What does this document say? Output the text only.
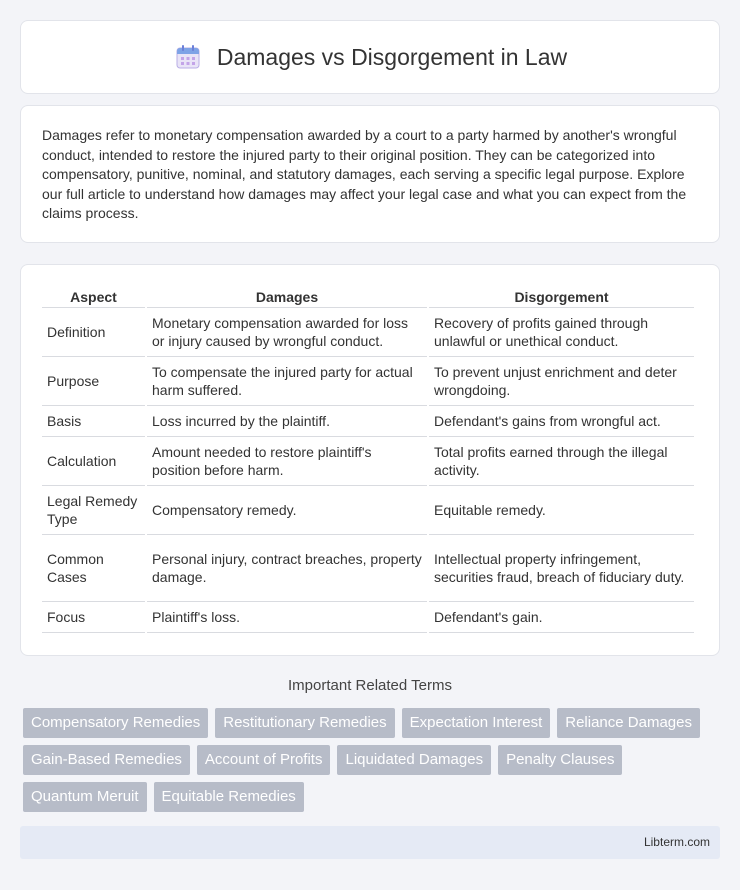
Damages vs Disgorgement in Law

Damages refer to monetary compensation awarded by a court to a party harmed by another's wrongful conduct, intended to restore the injured party to their original position. They can be categorized into compensatory, punitive, nominal, and statutory damages, each serving a specific legal purpose. Explore our full article to understand how damages may affect your legal case and what you can expect from the claims process.

Aspect	Damages	Disgorgement
Definition	Monetary compensation awarded for loss or injury caused by wrongful conduct.	Recovery of profits gained through unlawful or unethical conduct.
Purpose	To compensate the injured party for actual harm suffered.	To prevent unjust enrichment and deter wrongdoing.
Basis	Loss incurred by the plaintiff.	Defendant's gains from wrongful act.
Calculation	Amount needed to restore plaintiff's position before harm.	Total profits earned through the illegal activity.
Legal Remedy Type	Compensatory remedy.	Equitable remedy.
Common Cases	Personal injury, contract breaches, property damage.	Intellectual property infringement, securities fraud, breach of fiduciary duty.
Focus	Plaintiff's loss.	Defendant's gain.
Important Related Terms
Compensatory Remedies	Restitutionary Remedies	Expectation Interest	Reliance Damages
Gain-Based Remedies	Account of Profits	Liquidated Damages	Penalty Clauses
Quantum Meruit	Equitable Remedies
Libterm.com
